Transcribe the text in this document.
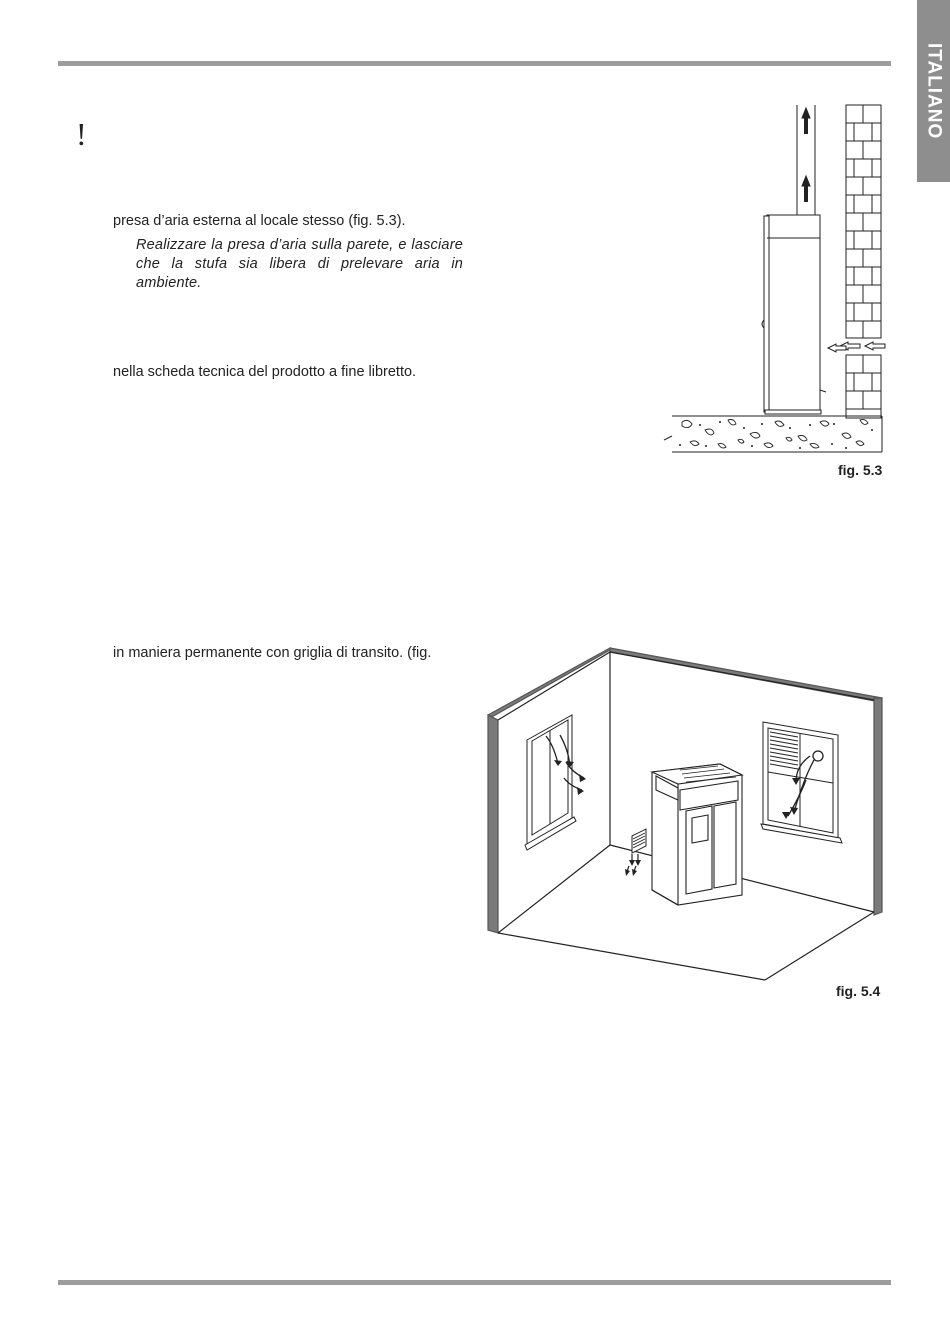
ITALIANO
!
presa d’aria esterna al locale stesso (fig. 5.3).
Realizzare la presa d’aria sulla parete, e lasciare che la stufa sia libera di prelevare aria in ambiente.
nella scheda tecnica del prodotto a fine libretto.
in maniera permanente con griglia di transito. (fig.
fig. 5.3
fig. 5.4
